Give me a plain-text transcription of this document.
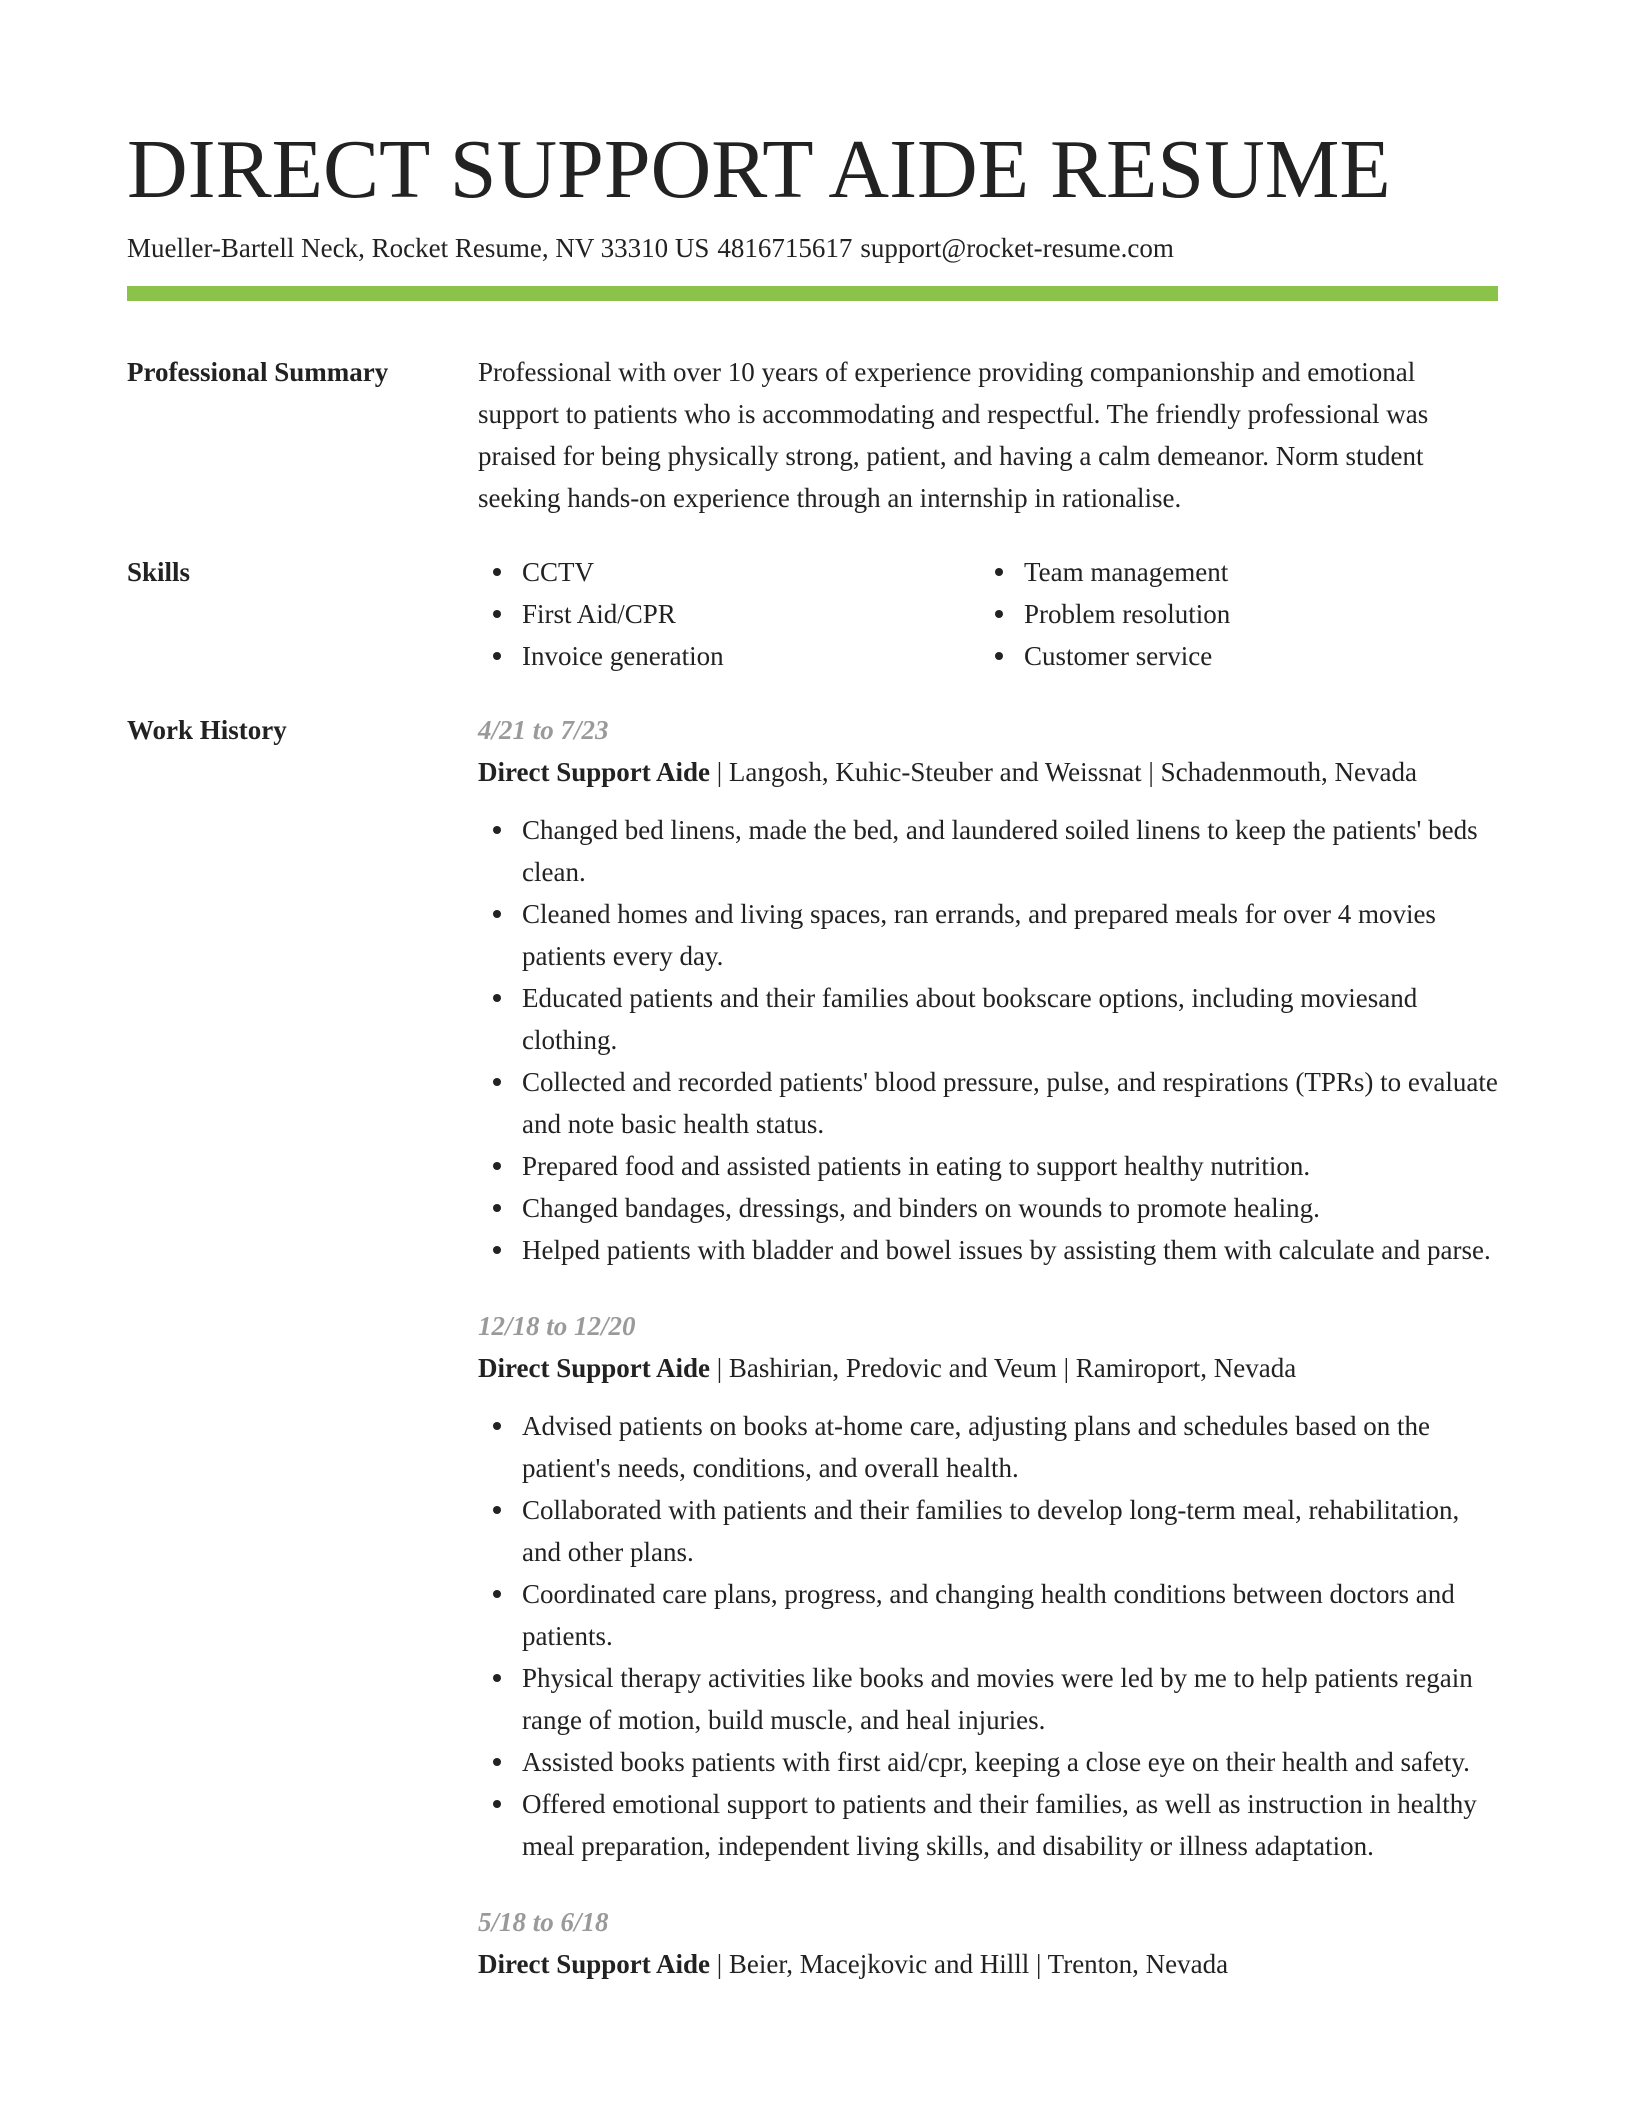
DIRECT SUPPORT AIDE RESUME
Mueller-Bartell Neck, Rocket Resume, NV 33310 US 4816715617 support@rocket-resume.com
Professional Summary	Professional with over 10 years of experience providing companionship and emotional support to patients who is accommodating and respectful. The friendly professional was praised for being physically strong, patient, and having a calm demeanor. Norm student seeking hands-on experience through an internship in rationalise.
Skills	CCTV
First Aid/CPR
Invoice generation
Team management
Problem resolution
Customer service
Work History	4/21 to 7/23
Direct Support Aide | Langosh, Kuhic-Steuber and Weissnat | Schadenmouth, Nevada
Changed bed linens, made the bed, and laundered soiled linens to keep the patients' beds clean.
Cleaned homes and living spaces, ran errands, and prepared meals for over 4 movies patients every day.
Educated patients and their families about bookscare options, including moviesand clothing.
Collected and recorded patients' blood pressure, pulse, and respirations (TPRs) to evaluate and note basic health status.
Prepared food and assisted patients in eating to support healthy nutrition.
Changed bandages, dressings, and binders on wounds to promote healing.
Helped patients with bladder and bowel issues by assisting them with calculate and parse.
12/18 to 12/20
Direct Support Aide | Bashirian, Predovic and Veum | Ramiroport, Nevada
Advised patients on books at-home care, adjusting plans and schedules based on the patient's needs, conditions, and overall health.
Collaborated with patients and their families to develop long-term meal, rehabilitation, and other plans.
Coordinated care plans, progress, and changing health conditions between doctors and patients.
Physical therapy activities like books and movies were led by me to help patients regain range of motion, build muscle, and heal injuries.
Assisted books patients with first aid/cpr, keeping a close eye on their health and safety.
Offered emotional support to patients and their families, as well as instruction in healthy meal preparation, independent living skills, and disability or illness adaptation.
5/18 to 6/18
Direct Support Aide | Beier, Macejkovic and Hilll | Trenton, Nevada
